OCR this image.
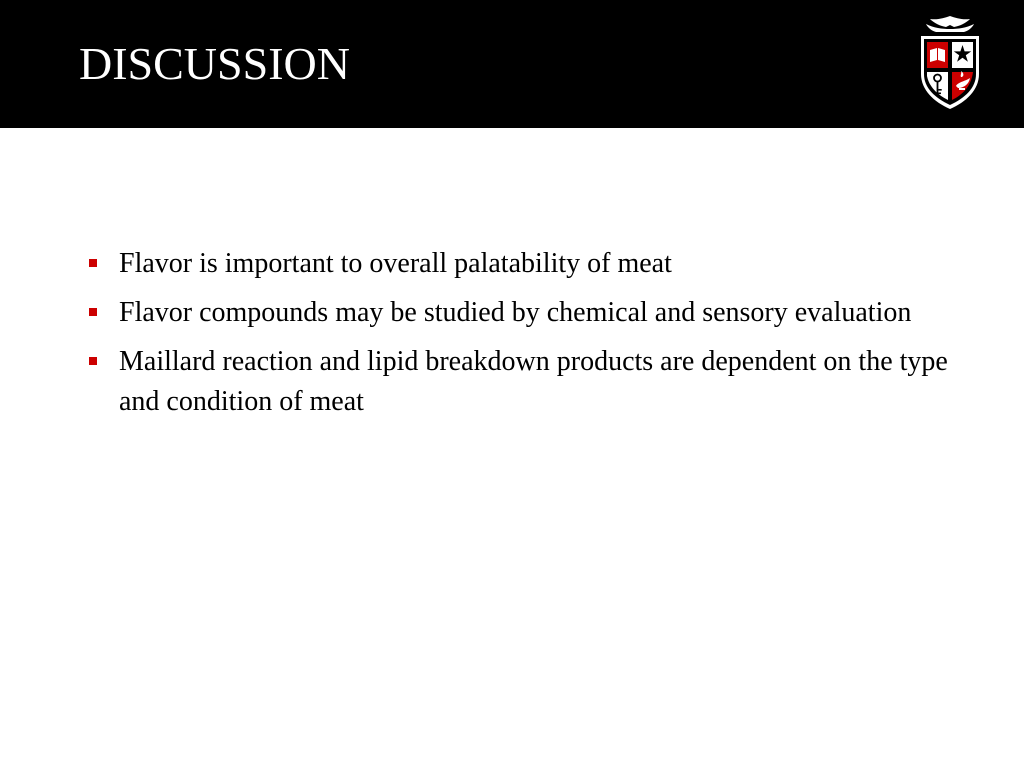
DISCUSSION
Flavor is important to overall palatability of meat
Flavor compounds may be studied by chemical and sensory evaluation
Maillard reaction and lipid breakdown products are dependent on the type and condition of meat
